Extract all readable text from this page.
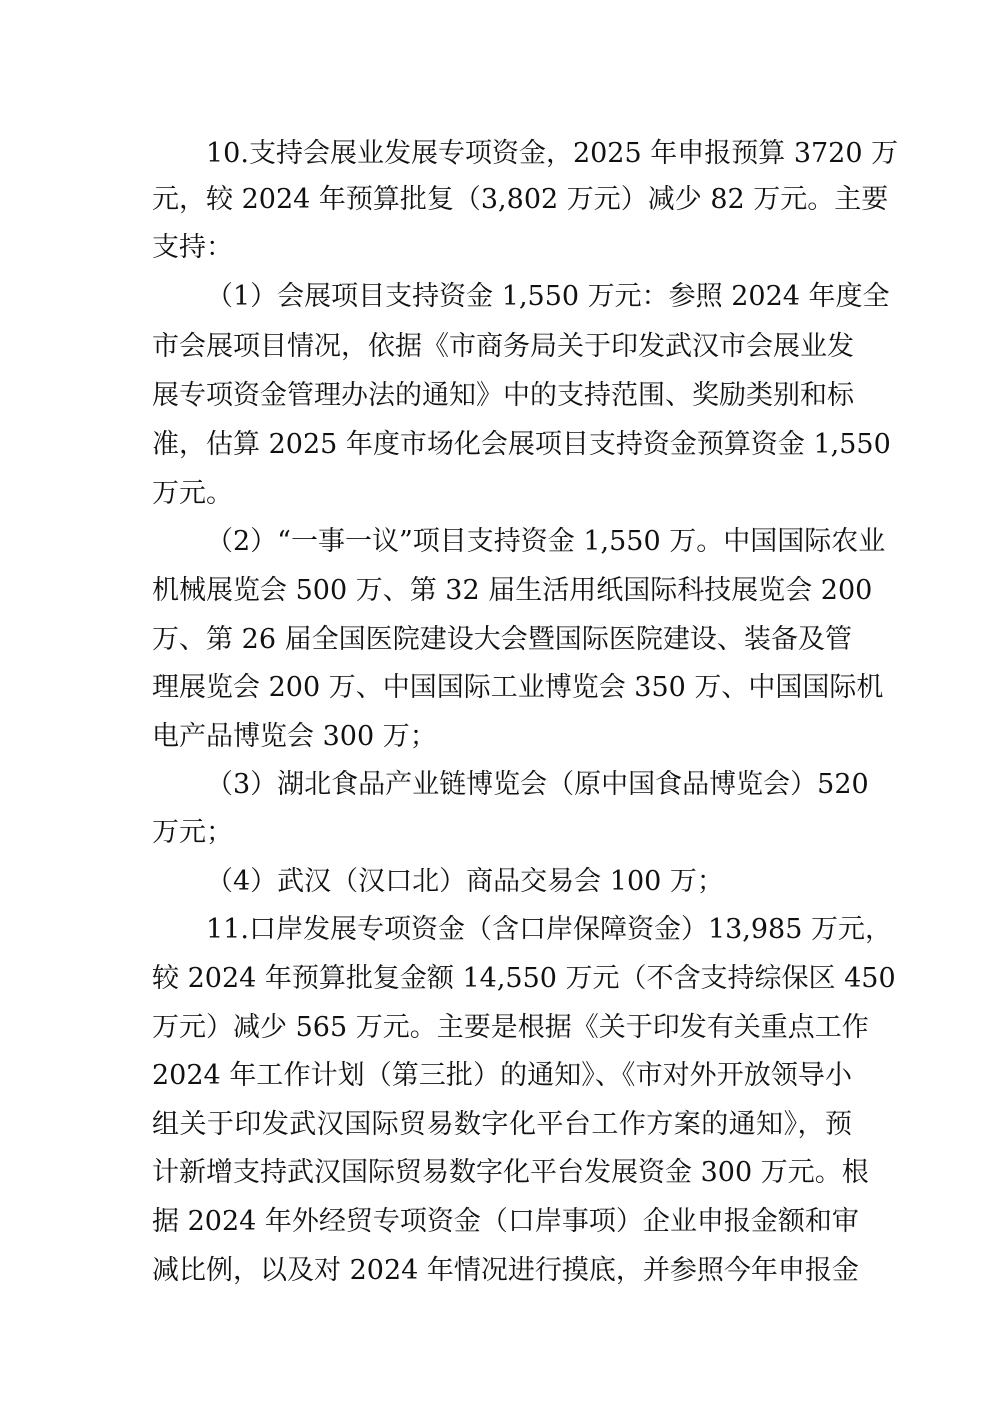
10.支持会展业发展专项资金，2025 年申报预算 3720 万
元，较 2024 年预算批复（3,802 万元）减少 82 万元。主要
支持：
（1）会展项目支持资金 1,550 万元：参照 2024 年度全
市会展项目情况，依据《市商务局关于印发武汉市会展业发
展专项资金管理办法的通知》中的支持范围、奖励类别和标
准，估算 2025 年度市场化会展项目支持资金预算资金 1,550
万元。
（2）“一事一议”项目支持资金 1,550 万。中国国际农业
机械展览会 500 万、第 32 届生活用纸国际科技展览会 200
万、第 26 届全国医院建设大会暨国际医院建设、装备及管
理展览会 200 万、中国国际工业博览会 350 万、中国国际机
电产品博览会 300 万；
（3）湖北食品产业链博览会（原中国食品博览会）520
万元；
（4）武汉（汉口北）商品交易会 100 万；
11.口岸发展专项资金（含口岸保障资金）13,985 万元，
较 2024 年预算批复金额 14,550 万元（不含支持综保区 450
万元）减少 565 万元。主要是根据《关于印发有关重点工作
2024 年工作计划（第三批）的通知》、《市对外开放领导小
组关于印发武汉国际贸易数字化平台工作方案的通知》，预
计新增支持武汉国际贸易数字化平台发展资金 300 万元。根
据 2024 年外经贸专项资金（口岸事项）企业申报金额和审
减比例，以及对 2024 年情况进行摸底，并参照今年申报金
